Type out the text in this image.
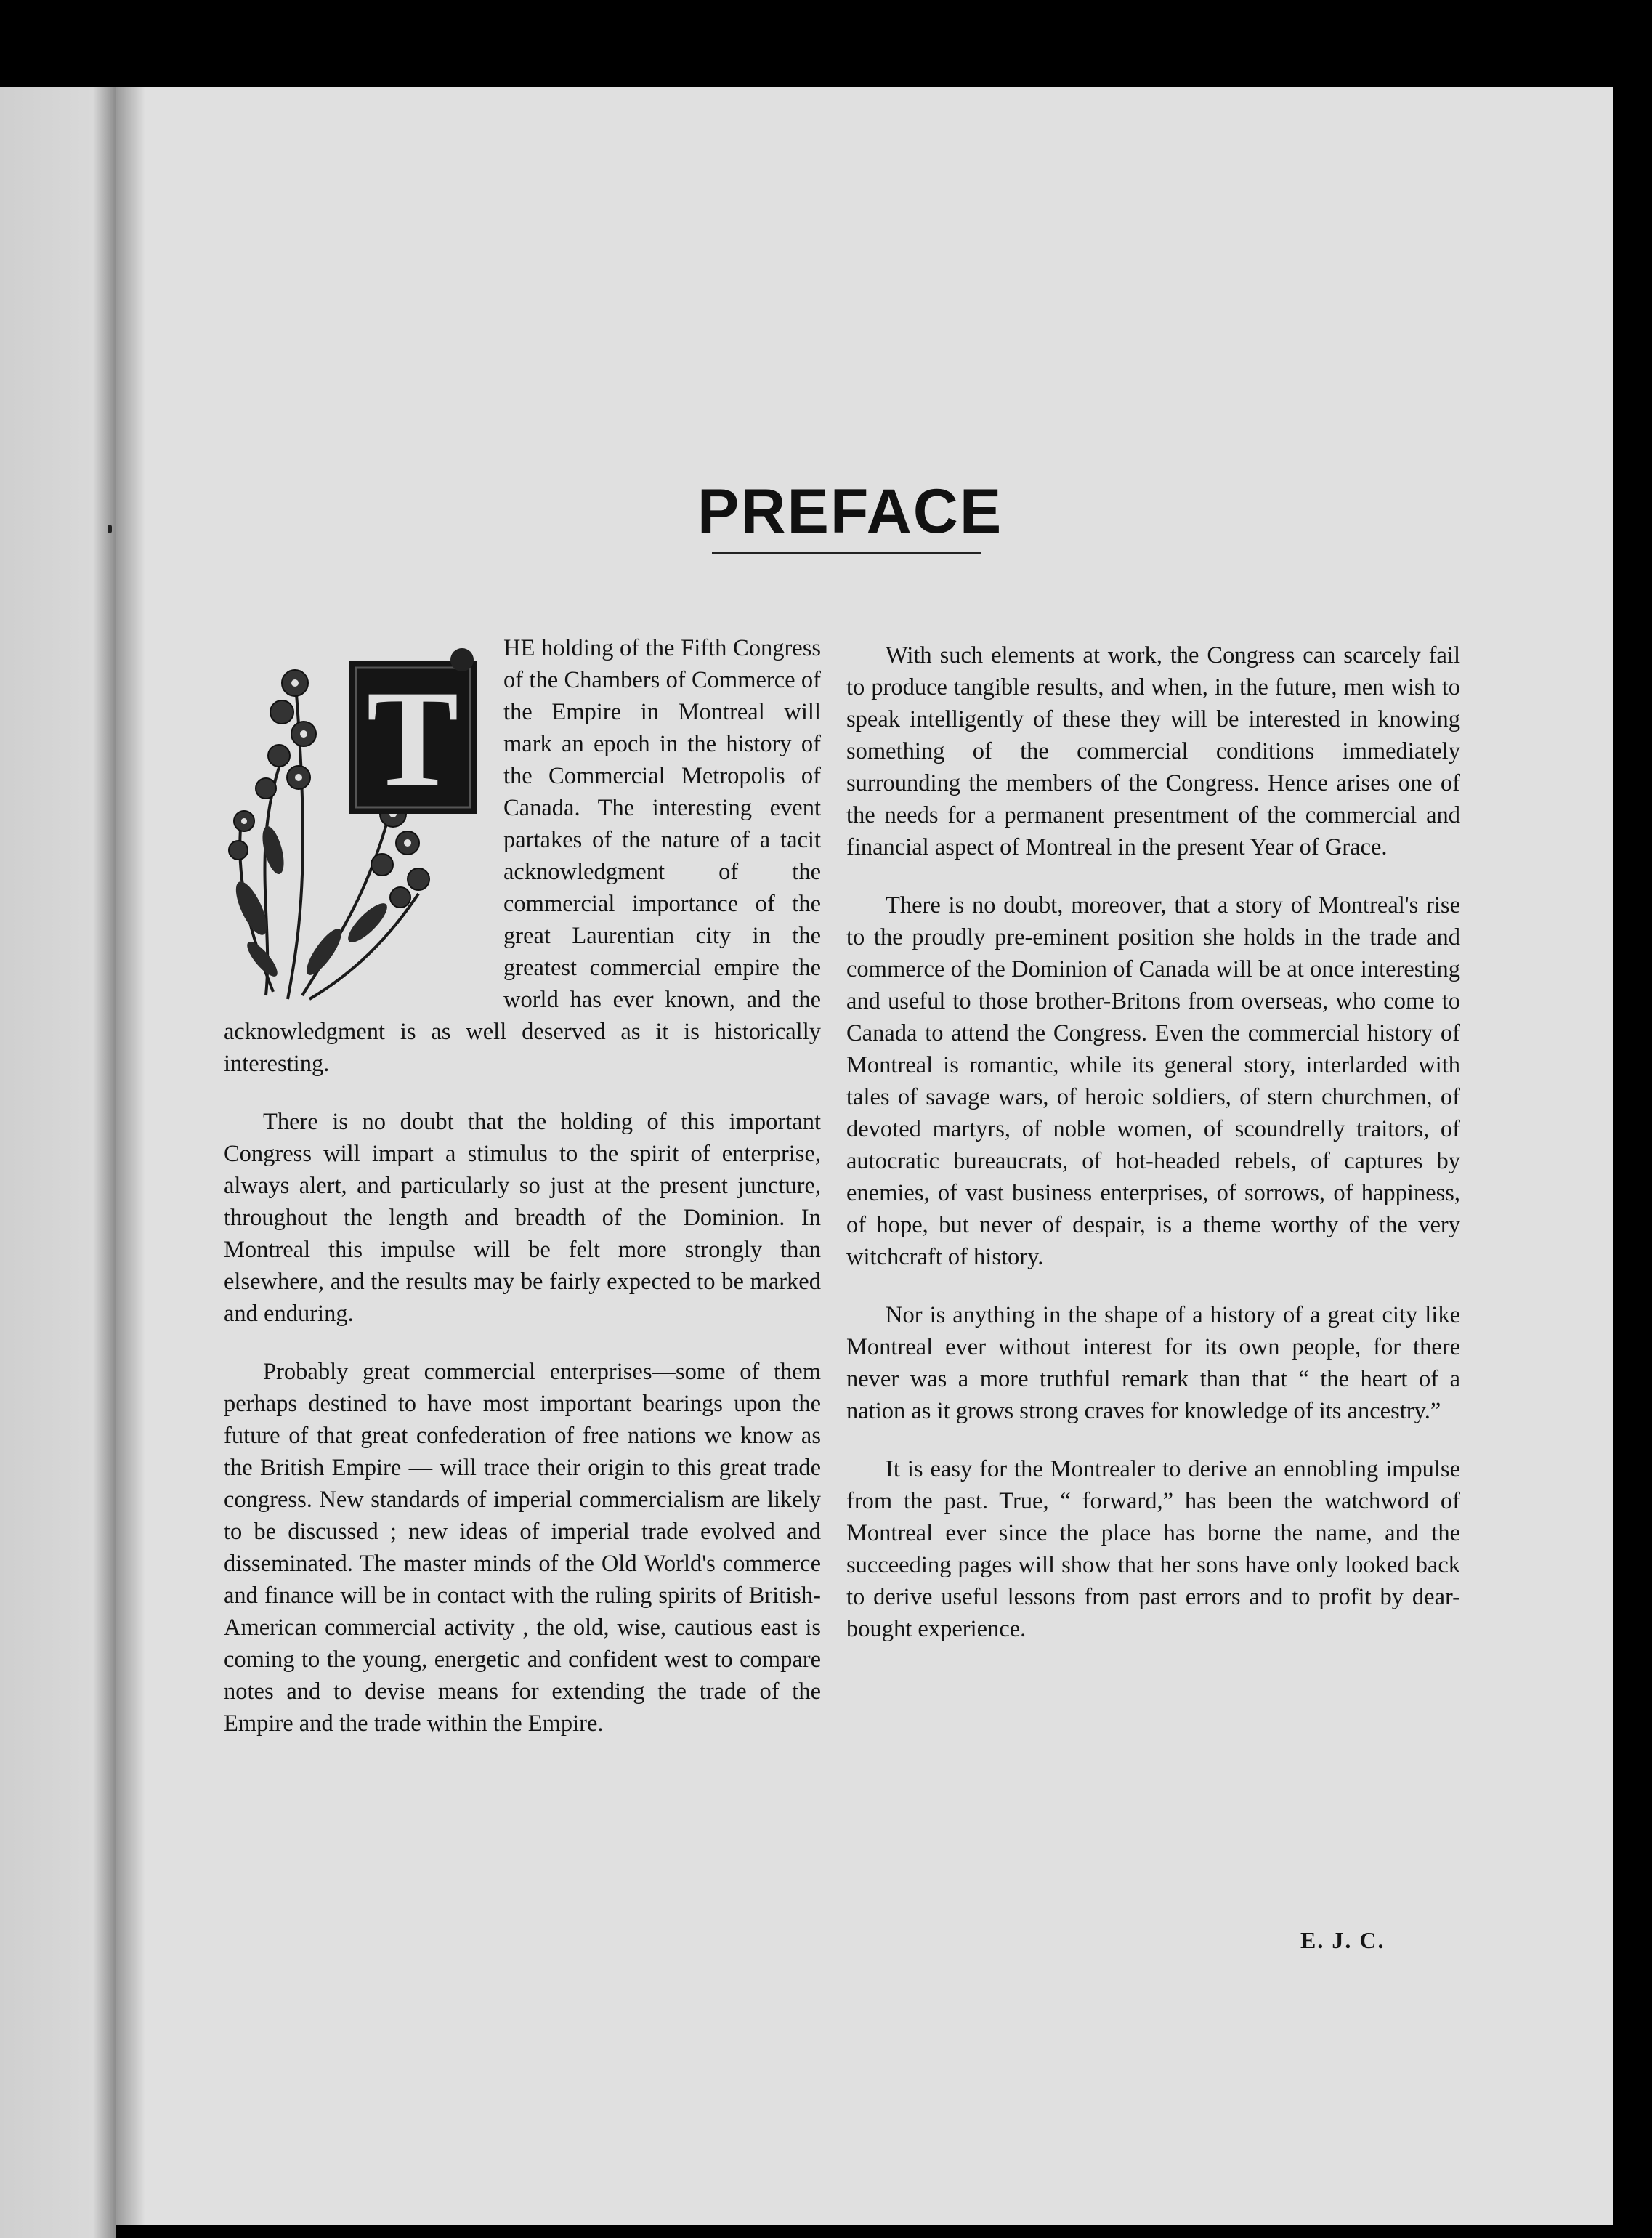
PREFACE
T

HE holding of the Fifth Congress of the Chambers of Commerce of the Empire in Montreal will mark an epoch in the history of the Commercial Metropolis of Canada. The interesting event partakes of the nature of a tacit acknowledgment of the commercial importance of the great Laurentian city in the greatest commercial empire the world has ever known, and the acknowledgment is as well deserved as it is historically interesting.

There is no doubt that the holding of this important Congress will impart a stimulus to the spirit of enterprise, always alert, and particularly so just at the present juncture, throughout the length and breadth of the Dominion. In Montreal this impulse will be felt more strongly than elsewhere, and the results may be fairly expected to be marked and enduring.

Probably great commercial enterprises—some of them perhaps destined to have most important bearings upon the future of that great confederation of free nations we know as the British Empire — will trace their origin to this great trade congress. New standards of imperial commercialism are likely to be discussed ; new ideas of imperial trade evolved and disseminated. The master minds of the Old World's commerce and finance will be in contact with the ruling spirits of British-American commercial activity , the old, wise, cautious east is coming to the young, energetic and confident west to compare notes and to devise means for extending the trade of the Empire and the trade within the Empire.

With such elements at work, the Congress can scarcely fail to produce tangible results, and when, in the future, men wish to speak intelligently of these they will be interested in knowing something of the commercial conditions immediately surrounding the members of the Congress. Hence arises one of the needs for a permanent presentment of the commercial and financial aspect of Montreal in the present Year of Grace.

There is no doubt, moreover, that a story of Montreal's rise to the proudly pre-eminent position she holds in the trade and commerce of the Dominion of Canada will be at once interesting and useful to those brother-Britons from overseas, who come to Canada to attend the Congress. Even the commercial history of Montreal is romantic, while its general story, interlarded with tales of savage wars, of heroic soldiers, of stern churchmen, of devoted martyrs, of noble women, of scoundrelly traitors, of autocratic bureaucrats, of hot-headed rebels, of captures by enemies, of vast business enterprises, of sorrows, of happiness, of hope, but never of despair, is a theme worthy of the very witchcraft of history.

Nor is anything in the shape of a history of a great city like Montreal ever without interest for its own people, for there never was a more truthful remark than that “ the heart of a nation as it grows strong craves for knowledge of its ancestry.”

It is easy for the Montrealer to derive an ennobling impulse from the past. True, “ forward,” has been the watchword of Montreal ever since the place has borne the name, and the succeeding pages will show that her sons have only looked back to derive useful lessons from past errors and to profit by dear-bought experience.

E. J. C.
